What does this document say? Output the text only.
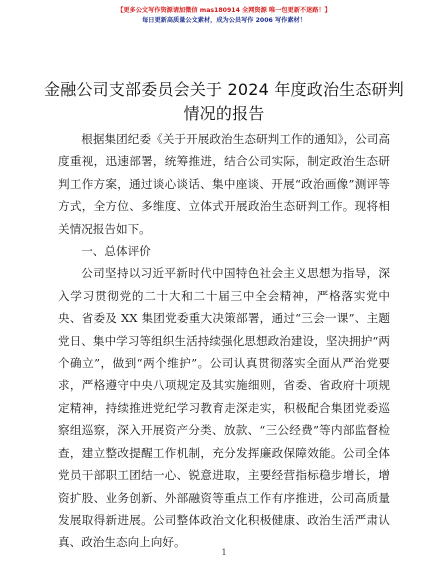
【更多公文写作资源请加微信 mas180914 全网资源 唯一包更新不迷路！】
每日更新高质量公文素材，成为公员写作 2006 写作素材！
金融公司支部委员会关于 2024 年度政治生态研判情况的报告

根据集团纪委《关于开展政治生态研判工作的通知》，公司高度重视，迅速部署，统筹推进，结合公司实际，制定政治生态研判工作方案，通过谈心谈话、集中座谈、开展“政治画像”测评等方式，全方位、多维度、立体式开展政治生态研判工作。现将相关情况报告如下。

一、总体评价

公司坚持以习近平新时代中国特色社会主义思想为指导，深入学习贯彻党的二十大和二十届三中全会精神，严格落实党中央、省委及 XX 集团党委重大决策部署，通过“三会一课”、主题党日、集中学习等组织生活持续强化思想政治建设，坚决拥护“两个确立”，做到“两个维护”。公司认真贯彻落实全面从严治党要求，严格遵守中央八项规定及其实施细则，省委、省政府十项规定精神，持续推进党纪学习教育走深走实，积极配合集团党委巡察组巡察，深入开展资产分类、放款、“三公经费”等内部监督检查，建立整改提醒工作机制，充分发挥廉政保障效能。公司全体党员干部职工团结一心、锐意进取，主要经营指标稳步增长，增资扩股、业务创新、外部融资等重点工作有序推进，公司高质量发展取得新进展。公司整体政治文化积极健康、政治生活严肃认真、政治生态向上向好。

1
